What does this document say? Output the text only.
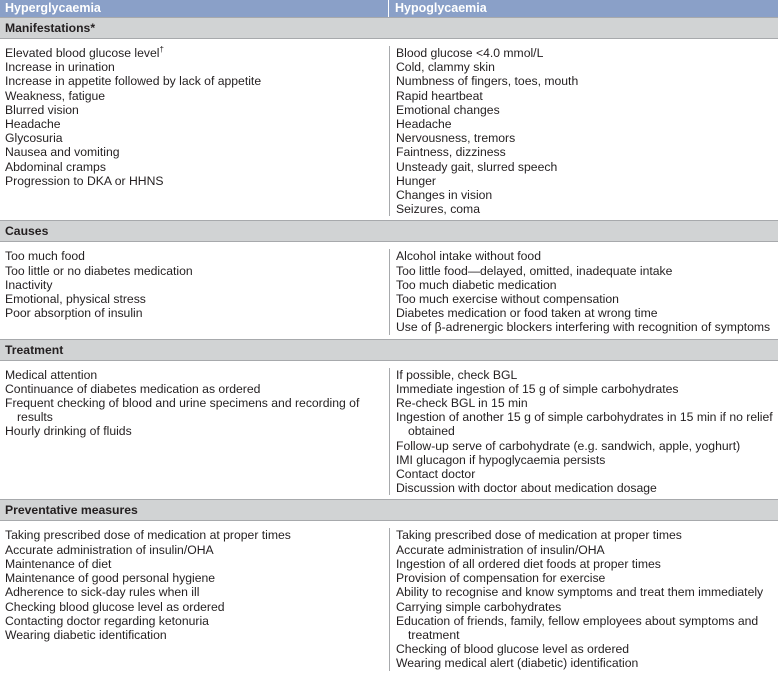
Hyperglycaemia	Hypoglycaemia
Manifestations*
Elevated blood glucose level†
Increase in urination
Increase in appetite followed by lack of appetite
Weakness, fatigue
Blurred vision
Headache
Glycosuria
Nausea and vomiting
Abdominal cramps
Progression to DKA or HHNS
Blood glucose <4.0 mmol/L
Cold, clammy skin
Numbness of fingers, toes, mouth
Rapid heartbeat
Emotional changes
Headache
Nervousness, tremors
Faintness, dizziness
Unsteady gait, slurred speech
Hunger
Changes in vision
Seizures, coma
Causes
Too much food
Too little or no diabetes medication
Inactivity
Emotional, physical stress
Poor absorption of insulin
Alcohol intake without food
Too little food—delayed, omitted, inadequate intake
Too much diabetic medication
Too much exercise without compensation
Diabetes medication or food taken at wrong time
Use of β-adrenergic blockers interfering with recognition of symptoms
Treatment
Medical attention
Continuance of diabetes medication as ordered
Frequent checking of blood and urine specimens and recording of results
Hourly drinking of fluids
If possible, check BGL
Immediate ingestion of 15 g of simple carbohydrates
Re-check BGL in 15 min
Ingestion of another 15 g of simple carbohydrates in 15 min if no relief obtained
Follow-up serve of carbohydrate (e.g. sandwich, apple, yoghurt)
IMI glucagon if hypoglycaemia persists
Contact doctor
Discussion with doctor about medication dosage
Preventative measures
Taking prescribed dose of medication at proper times
Accurate administration of insulin/OHA
Maintenance of diet
Maintenance of good personal hygiene
Adherence to sick-day rules when ill
Checking blood glucose level as ordered
Contacting doctor regarding ketonuria
Wearing diabetic identification
Taking prescribed dose of medication at proper times
Accurate administration of insulin/OHA
Ingestion of all ordered diet foods at proper times
Provision of compensation for exercise
Ability to recognise and know symptoms and treat them immediately
Carrying simple carbohydrates
Education of friends, family, fellow employees about symptoms and treatment
Checking of blood glucose level as ordered
Wearing medical alert (diabetic) identification
